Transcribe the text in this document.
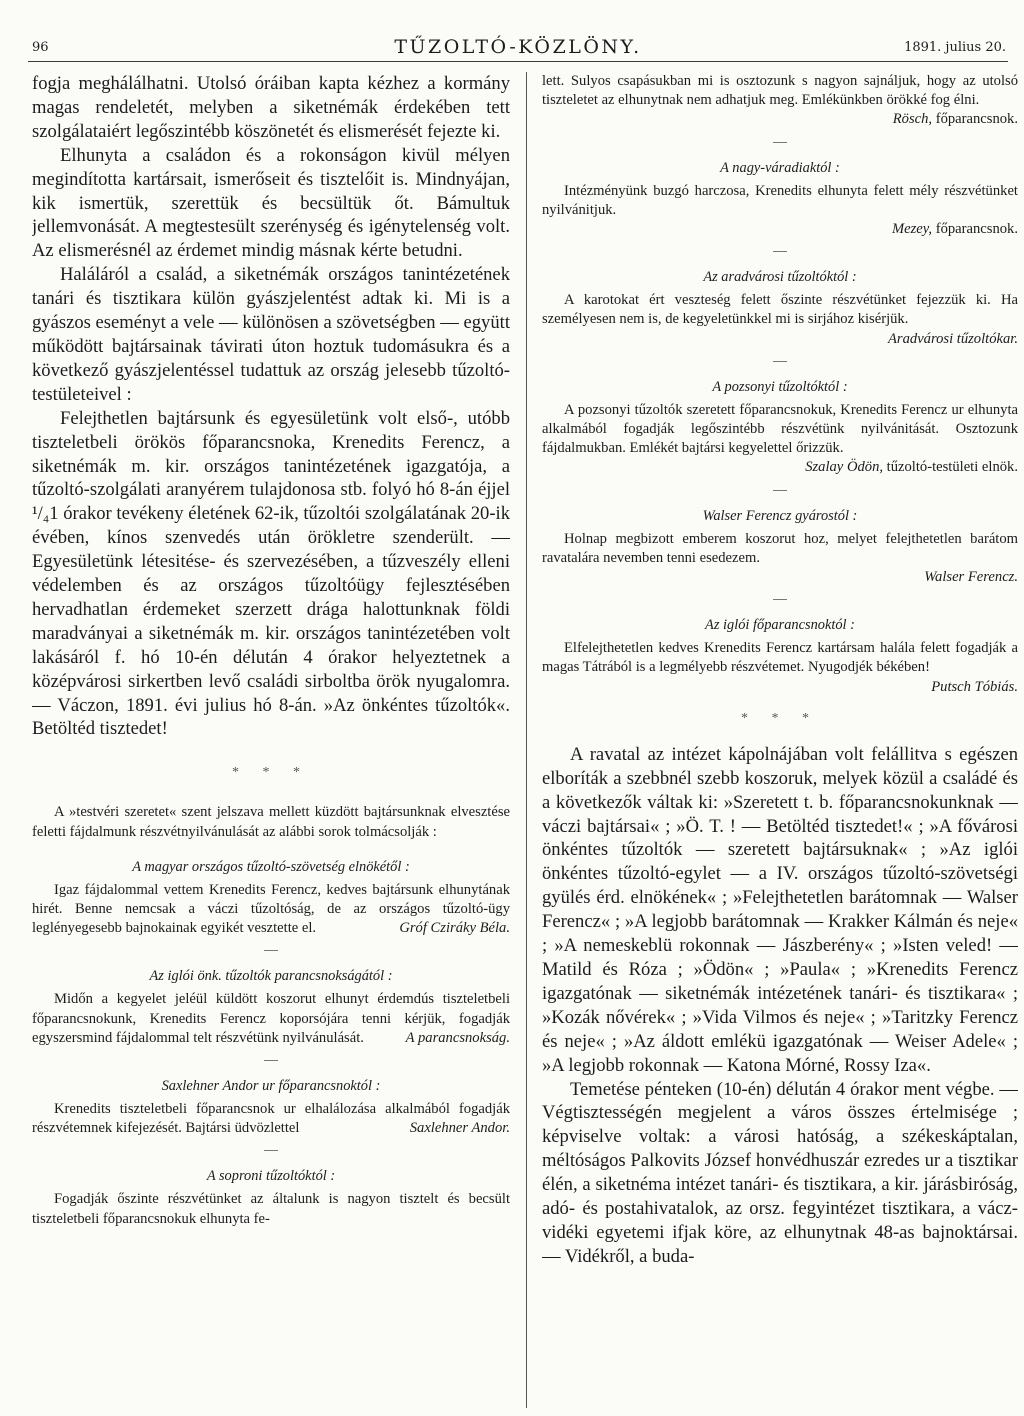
96	TŰZOLTÓ-KÖZLÖNY.	1891. julius 20.

fogja meghálálhatni. Utolsó óráiban kapta kézhez a kormány magas rendeletét, melyben a siketnémák érdekében tett szolgálataiért legőszintébb köszönetét és elismerését fejezte ki.

Elhunyta a családon és a rokonságon kivül mélyen megindította kartársait, ismerőseit és tisztelőit is. Mindnyájan, kik ismertük, szerettük és becsültük őt. Bámultuk jellemvonását. A megtestesült szerénység és igénytelenség volt. Az elismerésnél az érdemet mindig másnak kérte betudni.

Haláláról a család, a siketnémák országos tanintézetének tanári és tisztikara külön gyászjelentést adtak ki. Mi is a gyászos eseményt a vele — különösen a szövetségben — együtt működött bajtársainak távirati úton hoztuk tudomásukra és a következő gyászjelentéssel tudattuk az ország jelesebb tűzoltó-testületeivel :

Felejthetlen bajtársunk és egyesületünk volt első-, utóbb tiszteletbeli örökös főparancsnoka, Krenedits Ferencz, a siketnémák m. kir. országos tanintézetének igazgatója, a tűzoltó-szolgálati aranyérem tulajdonosa stb. folyó hó 8-án éjjel ¹/₄1 órakor tevékeny életének 62-ik, tűzoltói szolgálatának 20-ik évében, kínos szenvedés után örökletre szenderült. — Egyesületünk létesitése- és szervezésében, a tűzveszély elleni védelemben és az országos tűzoltóügy fejlesztésében hervadhatlan érdemeket szerzett drága halottunknak földi maradványai a siketnémák m. kir. országos tanintézetében volt lakásáról f. hó 10-én délután 4 órakor helyeztetnek a középvárosi sirkertben levő családi sirboltba örök nyugalomra. — Váczon, 1891. évi julius hó 8-án. »Az önkéntes tűzoltók«. Betöltéd tisztedet!

* * *

A »testvéri szeretet« szent jelszava mellett küzdött bajtársunknak elvesztése feletti fájdalmunk részvétnyilvánulását az alábbi sorok tolmácsolják :

A magyar országos tűzoltó-szövetség elnökétől :

Igaz fájdalommal vettem Krenedits Ferencz, kedves bajtársunk elhunytának hirét. Benne nemcsak a váczi tűzoltóság, de az országos tűzoltó-ügy leglényegesebb bajnokainak egyikét vesztette el.	Gróf Cziráky Béla.

Az iglói önk. tűzoltók parancsnokságától :

Midőn a kegyelet jeléül küldött koszorut elhunyt érdemdús tiszteletbeli főparancsnokunk, Krenedits Ferencz koporsójára tenni kérjük, fogadják egyszersmind fájdalommal telt részvétünk nyilvánulását.	A parancsnokság.

Saxlehner Andor ur főparancsnoktól :

Krenedits tiszteletbeli főparancsnok ur elhalálozása alkalmából fogadják részvétemnek kifejezését. Bajtársi üdvözlettel	Saxlehner Andor.

A soproni tűzoltóktól :

Fogadják őszinte részvétünket az általunk is nagyon tisztelt és becsült tiszteletbeli főparancsnokuk elhunyta fe-

lett. Sulyos csapásukban mi is osztozunk s nagyon sajnáljuk, hogy az utolsó tiszteletet az elhunytnak nem adhatjuk meg. Emlékünkben örökké fog élni.

Rösch, főparancsnok.
A nagy-váradiaktól :

Intézményünk buzgó harczosa, Krenedits elhunyta felett mély részvétünket nyilvánitjuk.

Mezey, főparancsnok.
Az aradvárosi tűzoltóktól :

A karotokat ért veszteség felett őszinte részvétünket fejezzük ki. Ha személyesen nem is, de kegyeletünkkel mi is sirjához kisérjük.
Aradvárosi tűzoltókar.

A pozsonyi tűzoltóktól :

A pozsonyi tűzoltók szeretett főparancsnokuk, Krenedits Ferencz ur elhunyta alkalmából fogadják legőszintébb részvétünk nyilvánitását. Osztozunk fájdalmukban. Emlékét bajtársi kegyelettel őrizzük.

Szalay Ödön, tűzoltó-testületi elnök.
Walser Ferencz gyárostól :

Holnap megbizott emberem koszorut hoz, melyet felejthetetlen barátom ravatalára nevemben tenni esedezem.

Walser Ferencz.
Az iglói főparancsnoktól :

Elfelejthetetlen kedves Krenedits Ferencz kartársam halála felett fogadják a magas Tátrából is a legmélyebb részvétemet. Nyugodjék békében!
Putsch Tóbiás.

* * *

A ravatal az intézet kápolnájában volt felállitva s egészen elboríták a szebbnél szebb koszoruk, melyek közül a családé és a következők váltak ki: »Szeretett t. b. főparancsnokunknak — váczi bajtársai« ; »Ö. T. ! — Betöltéd tisztedet!« ; »A fővárosi önkéntes tűzoltók — szeretett bajtársuknak« ; »Az iglói önkéntes tűzoltó-egylet — a IV. országos tűzoltó-szövetségi gyülés érd. elnökének« ; »Felejthetetlen barátomnak — Walser Ferencz« ; »A legjobb barátomnak — Krakker Kálmán és neje« ; »A nemeskeblü rokonnak — Jászberény« ; »Isten veled! — Matild és Róza ; »Ödön« ; »Paula« ; »Krenedits Ferencz igazgatónak — siketnémák intézetének tanári- és tisztikara« ; »Kozák nővérek« ; »Vida Vilmos és neje« ; »Taritzky Ferencz és neje« ; »Az áldott emlékü igazgatónak — Weiser Adele« ; »A legjobb rokonnak — Katona Mórné, Rossy Iza«.

Temetése pénteken (10-én) délután 4 órakor ment végbe. — Végtisztességén megjelent a város összes értelmisége ; képviselve voltak: a városi hatóság, a székeskáptalan, méltóságos Palkovits József honvédhuszár ezredes ur a tisztikar élén, a siketnéma intézet tanári- és tisztikara, a kir. járásbiróság, adó- és postahivatalok, az orsz. fegyintézet tisztikara, a vácz-vidéki egyetemi ifjak köre, az elhunytnak 48-as bajnoktársai. — Vidékről, a buda-
